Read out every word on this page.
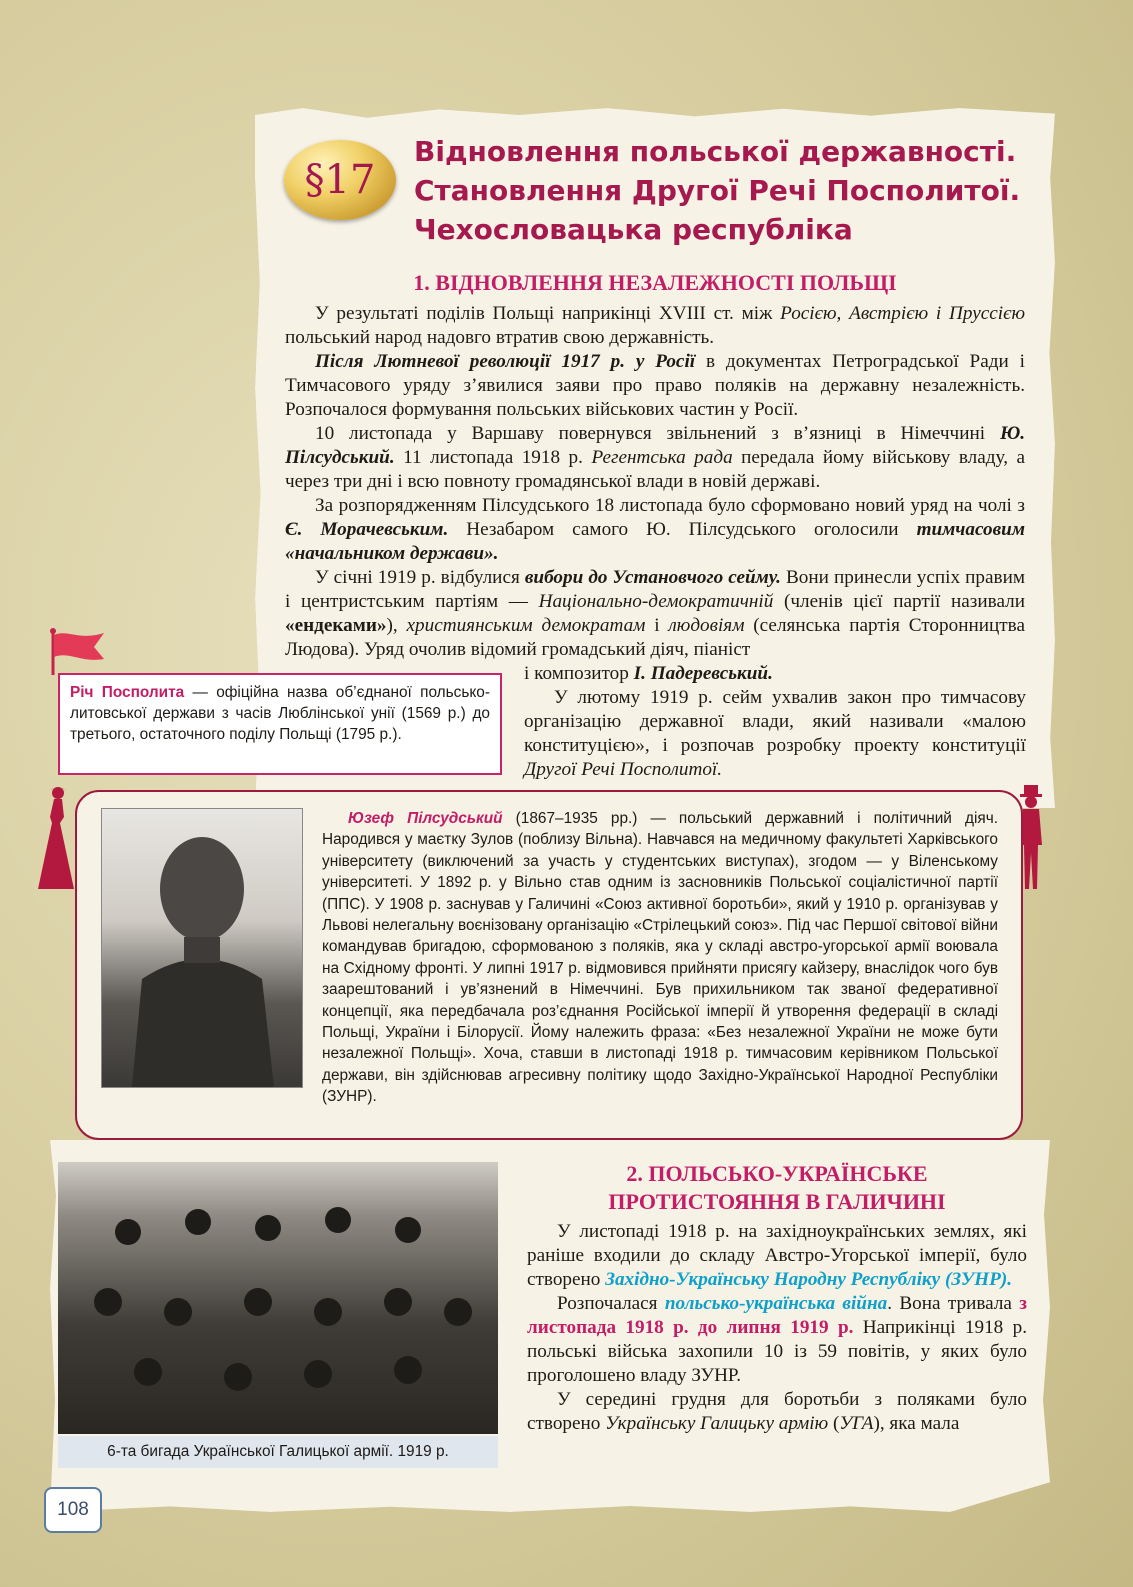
§17
Відновлення польської державності.
Становлення Другої Речі Посполитої.
Чехословацька республіка
1. ВІДНОВЛЕННЯ НЕЗАЛЕЖНОСТІ ПОЛЬЩІ

У результаті поділів Польщі наприкінці XVIII ст. між Росією, Австрією і Пруссією польський народ надовго втратив свою державність.

Після Лютневої революції 1917 р. у Росії в документах Петроградської Ради і Тимчасового уряду з’явилися заяви про право поляків на державну незалежність. Розпочалося формування польських військових частин у Росії.

10 листопада у Варшаву повернувся звільнений з в’язниці в Німеччині Ю. Пілсудський. 11 листопада 1918 р. Регентська рада передала йому військову владу, а через три дні і всю повноту громадянської влади в новій державі.

За розпорядженням Пілсудського 18 листопада було сформовано новий уряд на чолі з Є. Морачевським. Незабаром самого Ю. Пілсудського оголосили тимчасовим «начальником держави».

У січні 1919 р. відбулися вибори до Установчого сейму. Вони принесли успіх правим і центристським партіям — Національно-демократичній (членів цієї партії називали «ендеками»), християнським демократам і людовіям (селянська партія Сторонництва Людова). Уряд очолив відомий громадський діяч, піаніст

і композитор І. Падеревський.

У лютому 1919 р. сейм ухвалив закон про тимчасову організацію державної влади, який називали «малою конституцією», і розпочав розробку проекту конституції Другої Речі Посполитої.

Річ Посполита — офіційна назва об’єднаної польсько-литовської держави з часів Люблінської унії (1569 р.) до третього, остаточного поділу Польщі (1795 р.).
Юзеф Пілсудський (1867–1935 рр.) — польський державний і політичний діяч. Народився у маєтку Зулов (поблизу Вільна). Навчався на медичному факультеті Харківського університету (виключений за участь у студентських виступах), згодом — у Віленському університеті. У 1892 р. у Вільно став одним із засновників Польської соціалістичної партії (ППС). У 1908 р. заснував у Галичині «Союз активної боротьби», який у 1910 р. організував у Львові нелегальну воєнізовану організацію «Стрілецький союз». Під час Першої світової війни командував бригадою, сформованою з поляків, яка у складі австро-угорської армії воювала на Східному фронті. У липні 1917 р. відмовився прийняти присягу кайзеру, внаслідок чого був заарештований і ув’язнений в Німеччині. Був прихильником так званої федеративної концепції, яка передбачала роз’єднання Російської імперії й утворення федерації в складі Польщі, України і Білорусії. Йому належить фраза: «Без незалежної України не може бути незалежної Польщі». Хоча, ставши в листопаді 1918 р. тимчасовим керівником Польської держави, він здійснював агресивну політику щодо Західно-Української Народної Республіки (ЗУНР).
6-та бигада Української Галицької армії. 1919 р.
2. ПОЛЬСЬКО-УКРАЇНСЬКЕ
ПРОТИСТОЯННЯ В ГАЛИЧИНІ

У листопаді 1918 р. на західноукраїнських землях, які раніше входили до складу Австро-Угорської імперії, було створено Західно-Українську Народну Республіку (ЗУНР).

Розпочалася польсько-українська війна. Вона тривала з листопада 1918 р. до липня 1919 р. Наприкінці 1918 р. польські війська захопили 10 із 59 повітів, у яких було проголошено владу ЗУНР.

У середині грудня для боротьби з поляками було створено Українську Галицьку армію (УГА), яка мала

108
